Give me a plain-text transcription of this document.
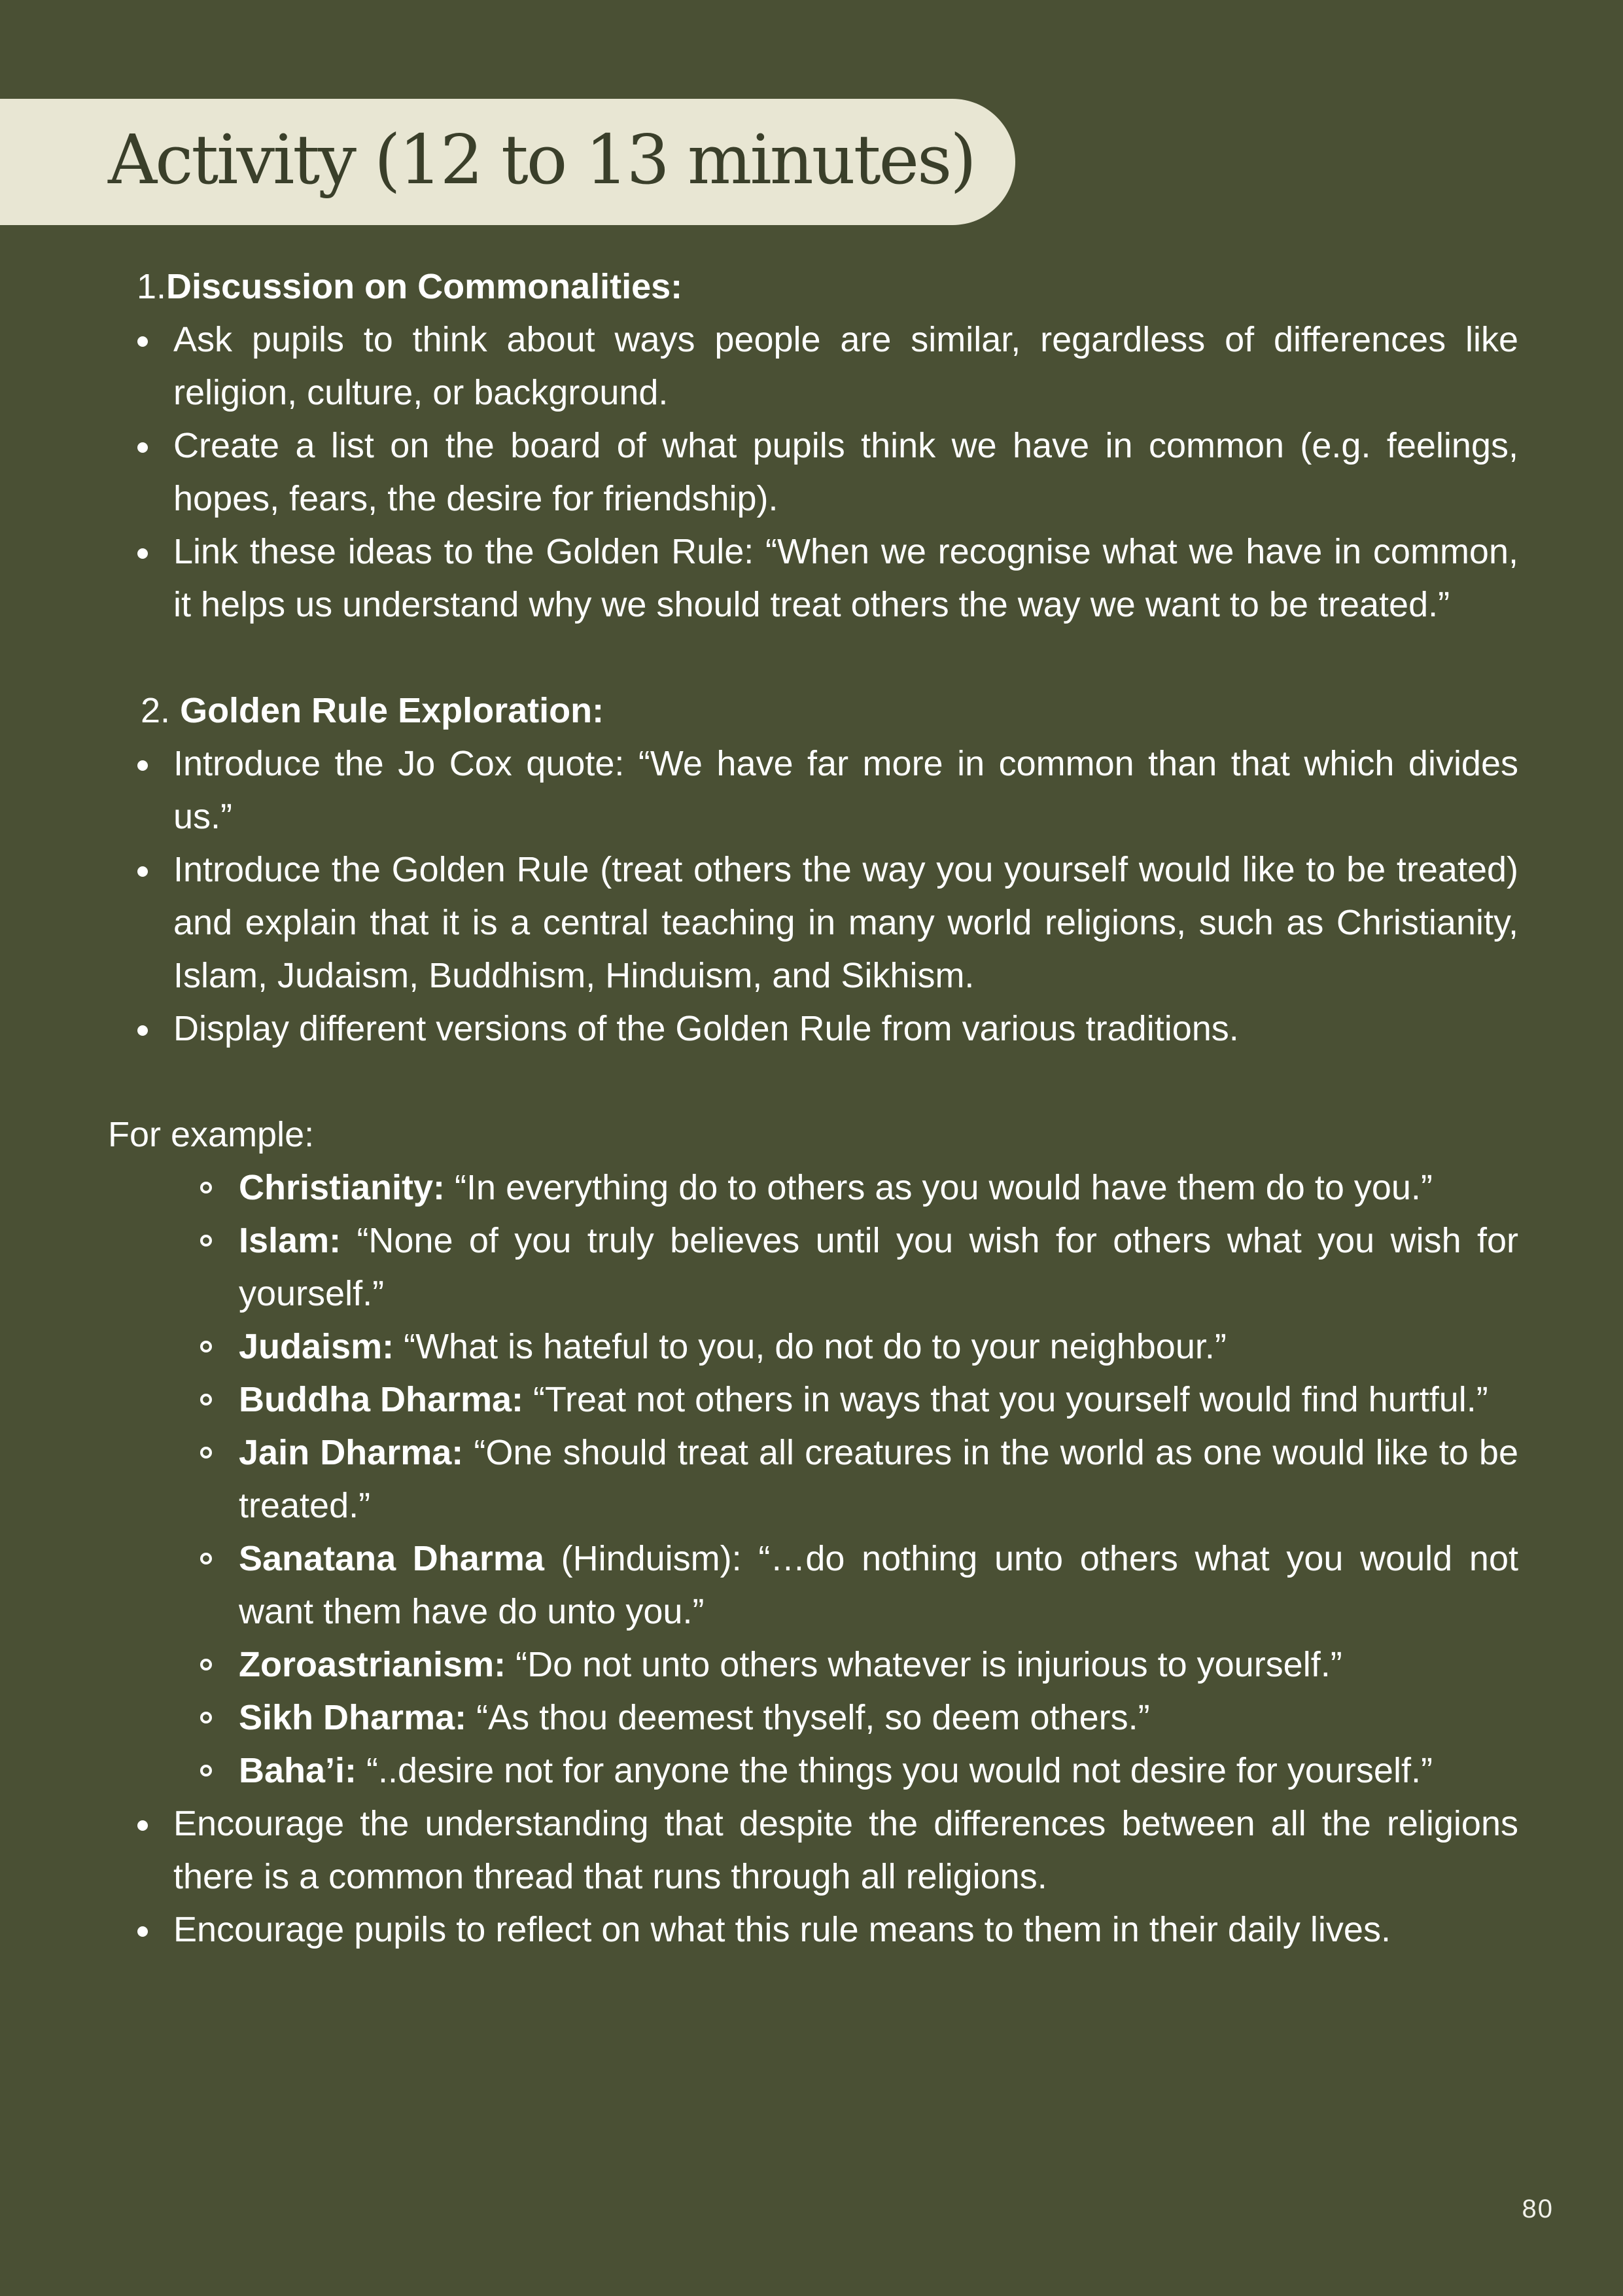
Activity (12 to 13 minutes)

1.Discussion on Commonalities:

Ask pupils to think about ways people are similar, regardless of differences like religion, culture, or background.
Create a list on the board of what pupils think we have in common (e.g. feelings, hopes, fears, the desire for friendship).
Link these ideas to the Golden Rule: “When we recognise what we have in common, it helps us understand why we should treat others the way we want to be treated.”

2. Golden Rule Exploration:

Introduce the Jo Cox quote: “We have far more in common than that which divides us.”
Introduce the Golden Rule (treat others the way you yourself would like to be treated) and explain that it is a central teaching in many world religions, such as Christianity, Islam, Judaism, Buddhism, Hinduism, and Sikhism.
Display different versions of the Golden Rule from various traditions.

For example:

Christianity: “In everything do to others as you would have them do to you.”
Islam: “None of you truly believes until you wish for others what you wish for yourself.”
Judaism: “What is hateful to you, do not do to your neighbour.”
Buddha Dharma: “Treat not others in ways that you yourself would find hurtful.”
Jain Dharma: “One should treat all creatures in the world as one would like to be treated.”
Sanatana Dharma (Hinduism): “…do nothing unto others what you would not want them have do unto you.”
Zoroastrianism: “Do not unto others whatever is injurious to yourself.”
Sikh Dharma: “As thou deemest thyself, so deem others.”
Baha’i: “..desire not for anyone the things you would not desire for yourself.”
Encourage the understanding that despite the differences between all the religions there is a common thread that runs through all religions.
Encourage pupils to reflect on what this rule means to them in their daily lives.
80
